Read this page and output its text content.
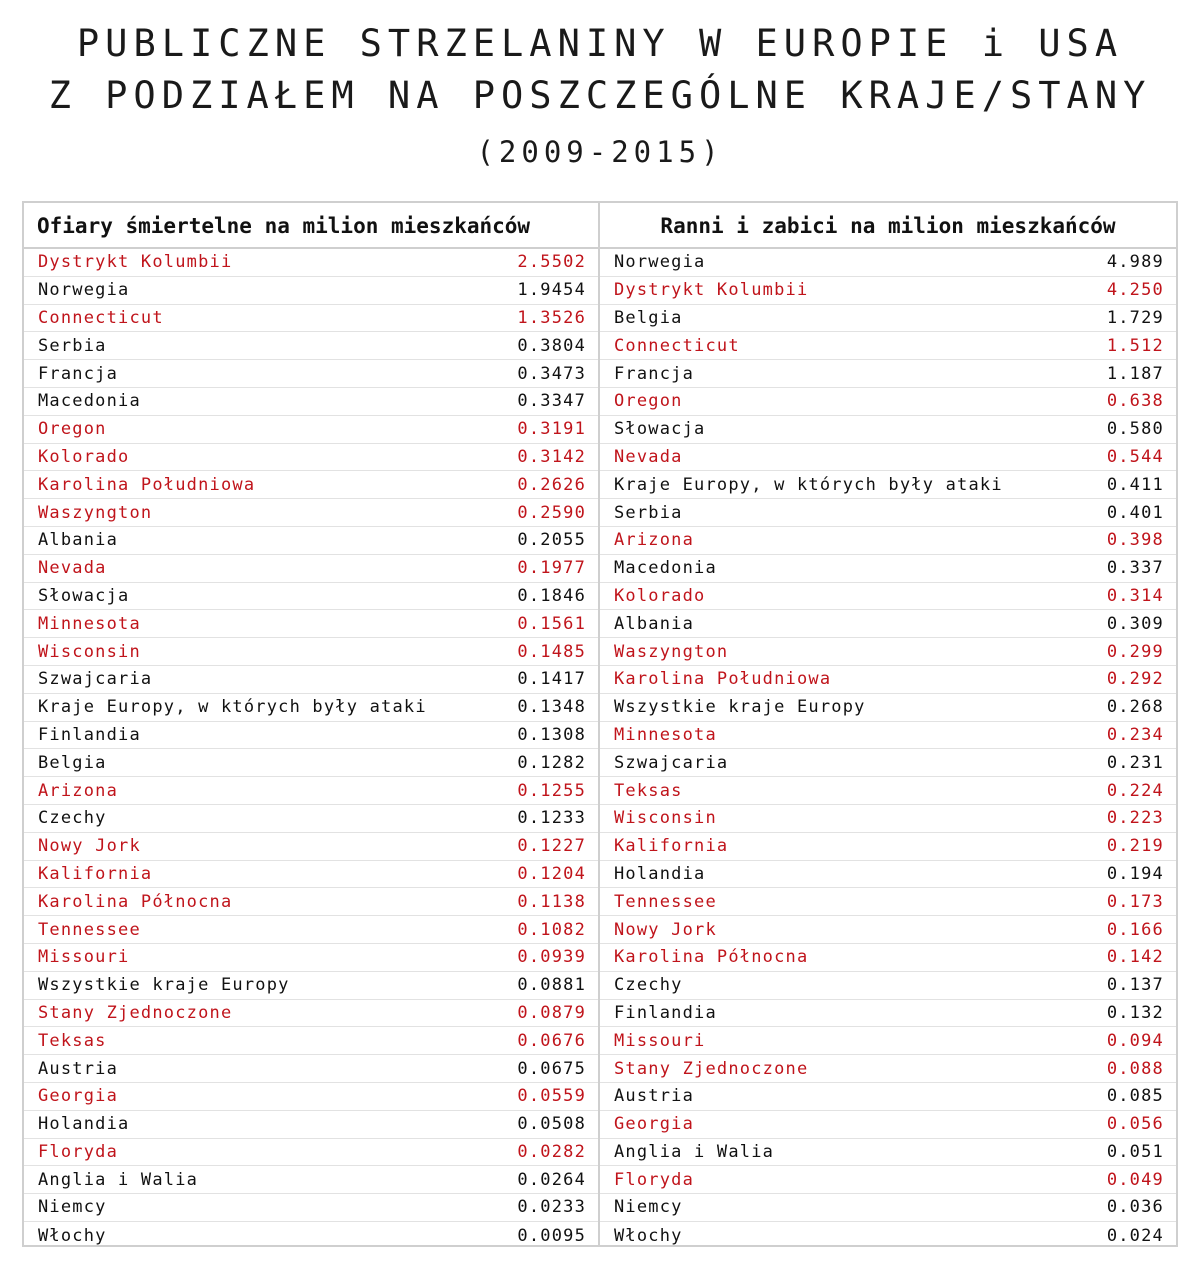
PUBLICZNE STRZELANINY W EUROPIE i USA

Z PODZIAŁEM NA POSZCZEGÓLNE KRAJE/STANY

(2009-2015)

Ofiary śmiertelne na milion mieszkańców
Dystrykt Kolumbii	2.5502
Norwegia	1.9454
Connecticut	1.3526
Serbia	0.3804
Francja	0.3473
Macedonia	0.3347
Oregon	0.3191
Kolorado	0.3142
Karolina Południowa	0.2626
Waszyngton	0.2590
Albania	0.2055
Nevada	0.1977
Słowacja	0.1846
Minnesota	0.1561
Wisconsin	0.1485
Szwajcaria	0.1417
Kraje Europy, w których były ataki	0.1348
Finlandia	0.1308
Belgia	0.1282
Arizona	0.1255
Czechy	0.1233
Nowy Jork	0.1227
Kalifornia	0.1204
Karolina Północna	0.1138
Tennessee	0.1082
Missouri	0.0939
Wszystkie kraje Europy	0.0881
Stany Zjednoczone	0.0879
Teksas	0.0676
Austria	0.0675
Georgia	0.0559
Holandia	0.0508
Floryda	0.0282
Anglia i Walia	0.0264
Niemcy	0.0233
Włochy	0.0095
Ranni i zabici na milion mieszkańców
Norwegia	4.989
Dystrykt Kolumbii	4.250
Belgia	1.729
Connecticut	1.512
Francja	1.187
Oregon	0.638
Słowacja	0.580
Nevada	0.544
Kraje Europy, w których były ataki	0.411
Serbia	0.401
Arizona	0.398
Macedonia	0.337
Kolorado	0.314
Albania	0.309
Waszyngton	0.299
Karolina Południowa	0.292
Wszystkie kraje Europy	0.268
Minnesota	0.234
Szwajcaria	0.231
Teksas	0.224
Wisconsin	0.223
Kalifornia	0.219
Holandia	0.194
Tennessee	0.173
Nowy Jork	0.166
Karolina Północna	0.142
Czechy	0.137
Finlandia	0.132
Missouri	0.094
Stany Zjednoczone	0.088
Austria	0.085
Georgia	0.056
Anglia i Walia	0.051
Floryda	0.049
Niemcy	0.036
Włochy	0.024
